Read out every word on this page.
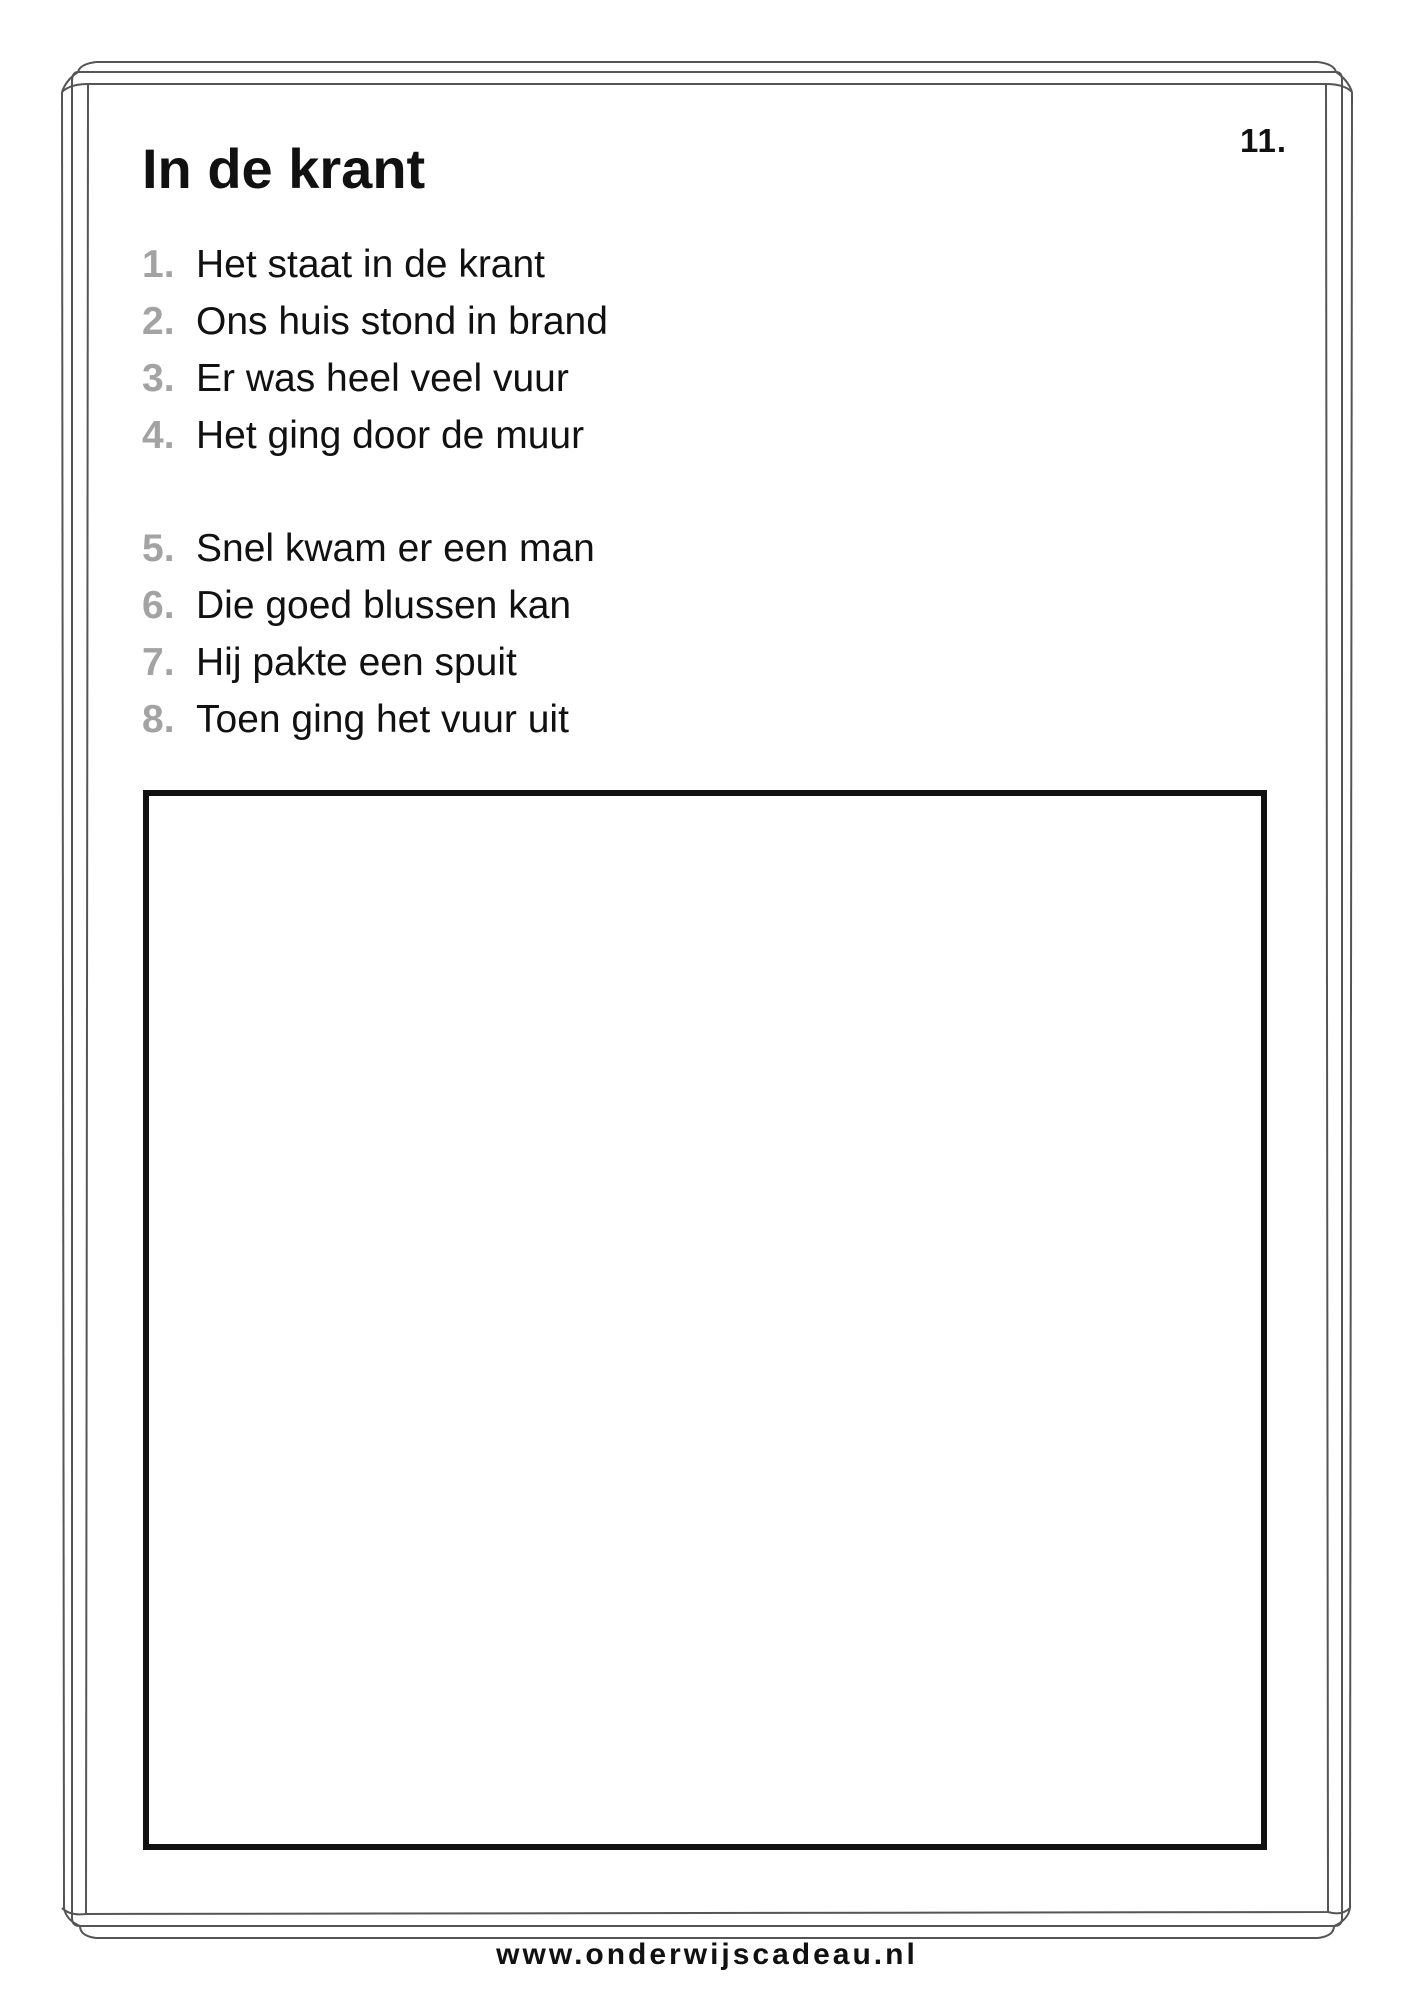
11.
In de krant
1. Het staat in de krant
2. Ons huis stond in brand
3. Er was heel veel vuur
4. Het ging door de muur
5. Snel kwam er een man
6. Die goed blussen kan
7. Hij pakte een spuit
8. Toen ging het vuur uit
www.onderwijscadeau.nl
